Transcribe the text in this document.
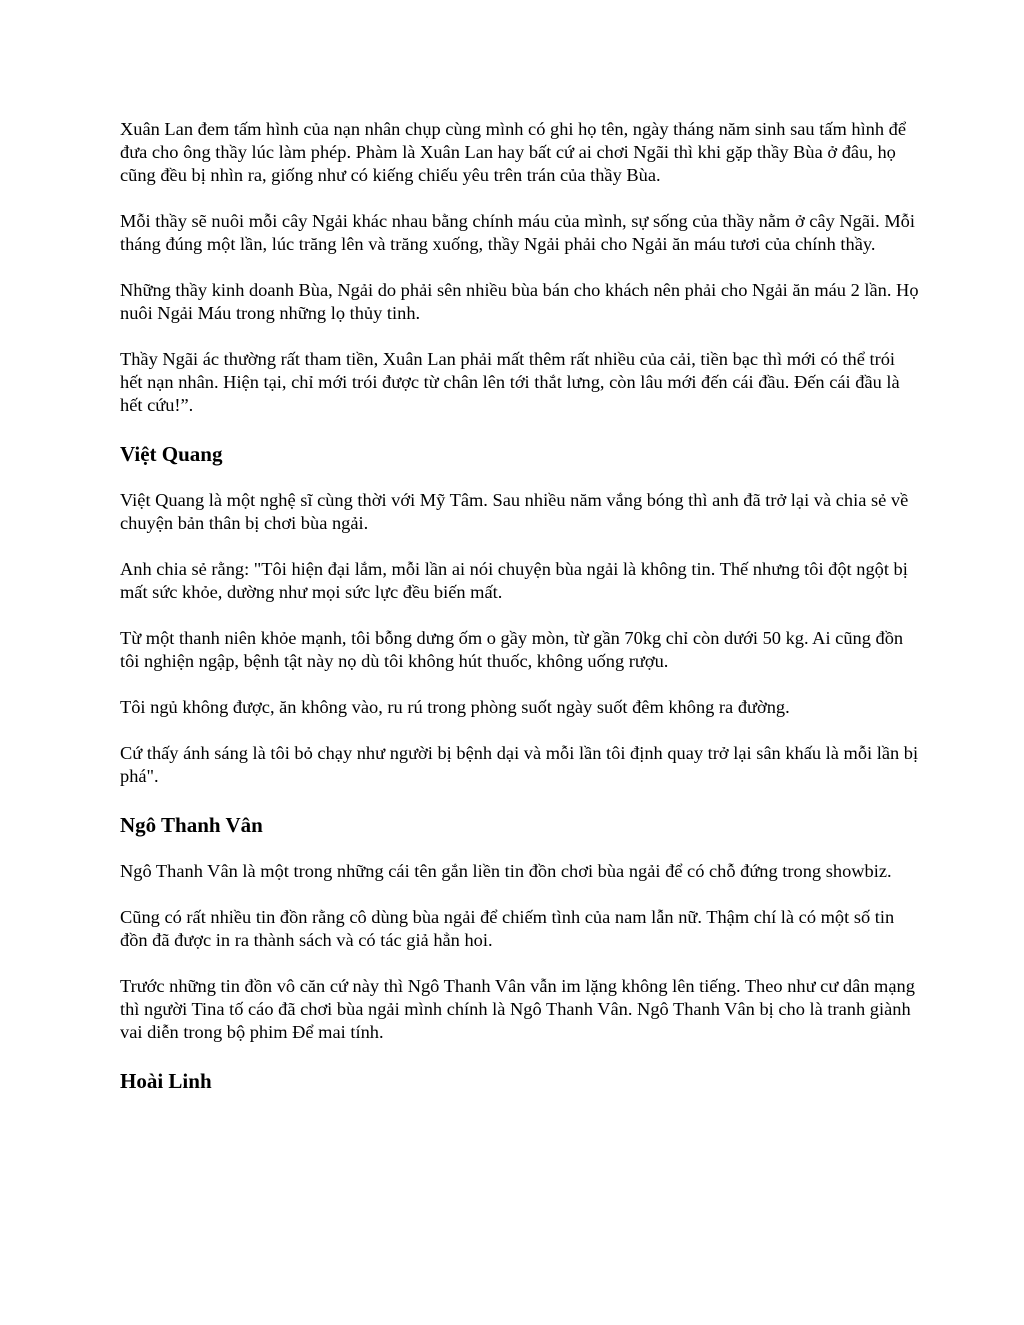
Xuân Lan đem tấm hình của nạn nhân chụp cùng mình có ghi họ tên, ngày tháng năm sinh sau tấm hình để đưa cho ông thầy lúc làm phép. Phàm là Xuân Lan hay bất cứ ai chơi Ngãi thì khi gặp thầy Bùa ở đâu, họ cũng đều bị nhìn ra, giống như có kiếng chiếu yêu trên trán của thầy Bùa.

Mỗi thầy sẽ nuôi mỗi cây Ngải khác nhau bằng chính máu của mình, sự sống của thầy nằm ở cây Ngãi. Mỗi tháng đúng một lần, lúc trăng lên và trăng xuống, thầy Ngải phải cho Ngải ăn máu tươi của chính thầy.

Những thầy kinh doanh Bùa, Ngải do phải sên nhiều bùa bán cho khách nên phải cho Ngải ăn máu 2 lần. Họ nuôi Ngải Máu trong những lọ thủy tinh.

Thầy Ngãi ác thường rất tham tiền, Xuân Lan phải mất thêm rất nhiều của cải, tiền bạc thì mới có thể trói hết nạn nhân. Hiện tại, chỉ mới trói được từ chân lên tới thắt lưng, còn lâu mới đến cái đầu. Đến cái đầu là hết cứu!”.

Việt Quang

Việt Quang là một nghệ sĩ cùng thời với Mỹ Tâm. Sau nhiều năm vắng bóng thì anh đã trở lại và chia sẻ về chuyện bản thân bị chơi bùa ngải.

Anh chia sẻ rằng: "Tôi hiện đại lắm, mỗi lần ai nói chuyện bùa ngải là không tin. Thế nhưng tôi đột ngột bị mất sức khỏe, dường như mọi sức lực đều biến mất.

Từ một thanh niên khỏe mạnh, tôi bỗng dưng ốm o gầy mòn, từ gần 70kg chỉ còn dưới 50 kg. Ai cũng đồn tôi nghiện ngập, bệnh tật này nọ dù tôi không hút thuốc, không uống rượu.

Tôi ngủ không được, ăn không vào, ru rú trong phòng suốt ngày suốt đêm không ra đường.

Cứ thấy ánh sáng là tôi bỏ chạy như người bị bệnh dại và mỗi lần tôi định quay trở lại sân khấu là mỗi lần bị phá".

Ngô Thanh Vân

Ngô Thanh Vân là một trong những cái tên gắn liền tin đồn chơi bùa ngải để có chỗ đứng trong showbiz.

Cũng có rất nhiều tin đồn rằng cô dùng bùa ngải để chiếm tình của nam lẫn nữ. Thậm chí là có một số tin đồn đã được in ra thành sách và có tác giả hẳn hoi.

Trước những tin đồn vô căn cứ này thì Ngô Thanh Vân vẫn im lặng không lên tiếng. Theo như cư dân mạng thì người Tina tố cáo đã chơi bùa ngải mình chính là Ngô Thanh Vân. Ngô Thanh Vân bị cho là tranh giành vai diễn trong bộ phim Để mai tính.

Hoài Linh
